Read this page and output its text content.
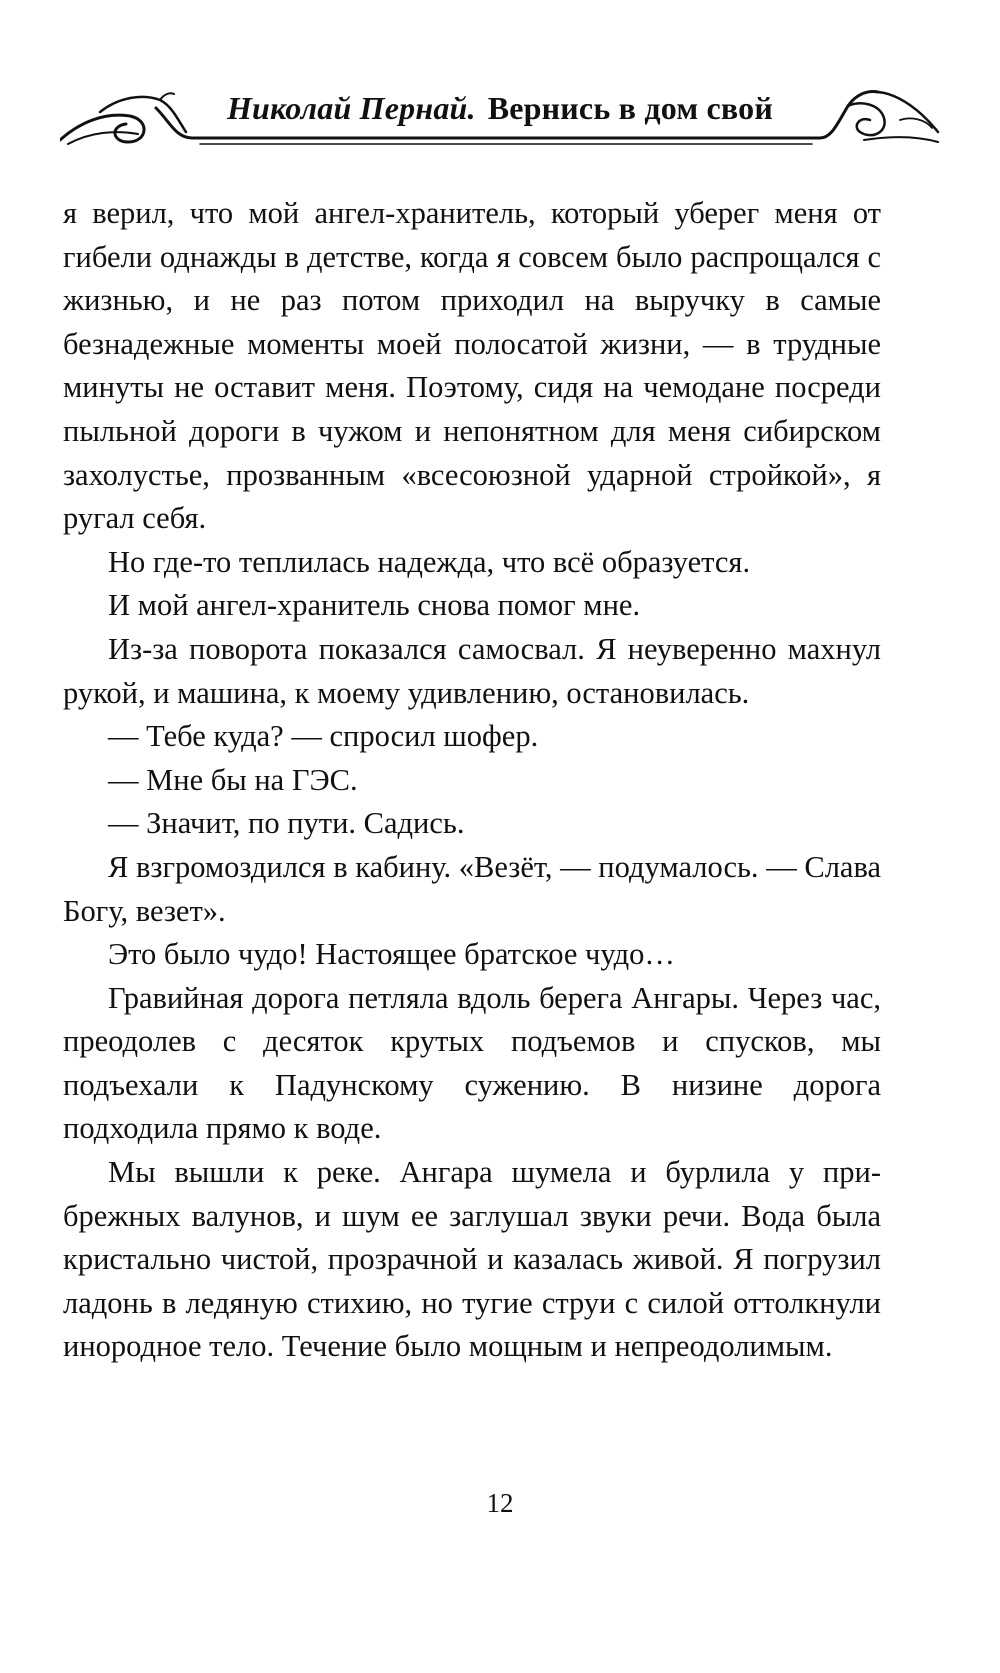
Николай Пернай. Вернись в дом свой

я верил, что мой ангел-хранитель, который уберег меня от гибели однажды в детстве, когда я совсем было распрощался с жизнью, и не раз потом приходил на выручку в самые безнадежные моменты моей полосатой жизни, — в трудные минуты не оставит меня. Поэтому, сидя на чемодане посреди пыльной дороги в чужом и непонятном для меня сибирском захолустье, прозванным «всесоюзной ударной стройкой», я ругал себя.

Но где-то теплилась надежда, что всё образуется.

И мой ангел-хранитель снова помог мне.

Из-за поворота показался самосвал. Я неуверенно махнул рукой, и машина, к моему удивлению, остановилась.

— Тебе куда? — спросил шофер.

— Мне бы на ГЭС.

— Значит, по пути. Садись.

Я взгромоздился в кабину. «Везёт, — подумалось. — Слава Богу, везет».

Это было чудо! Настоящее братское чудо…

Гравийная дорога петляла вдоль берега Ангары. Через час, преодолев с десяток крутых подъемов и спусков, мы подъехали к Падунскому сужению. В низине дорога подходила прямо к воде.

Мы вышли к реке. Ангара шумела и бурлила у прибрежных валунов, и шум ее заглушал звуки речи. Вода была кристально чистой, прозрачной и казалась живой. Я погрузил ладонь в ледяную стихию, но тугие струи с силой оттолкнули инородное тело. Течение было мощным и непреодолимым.

12
